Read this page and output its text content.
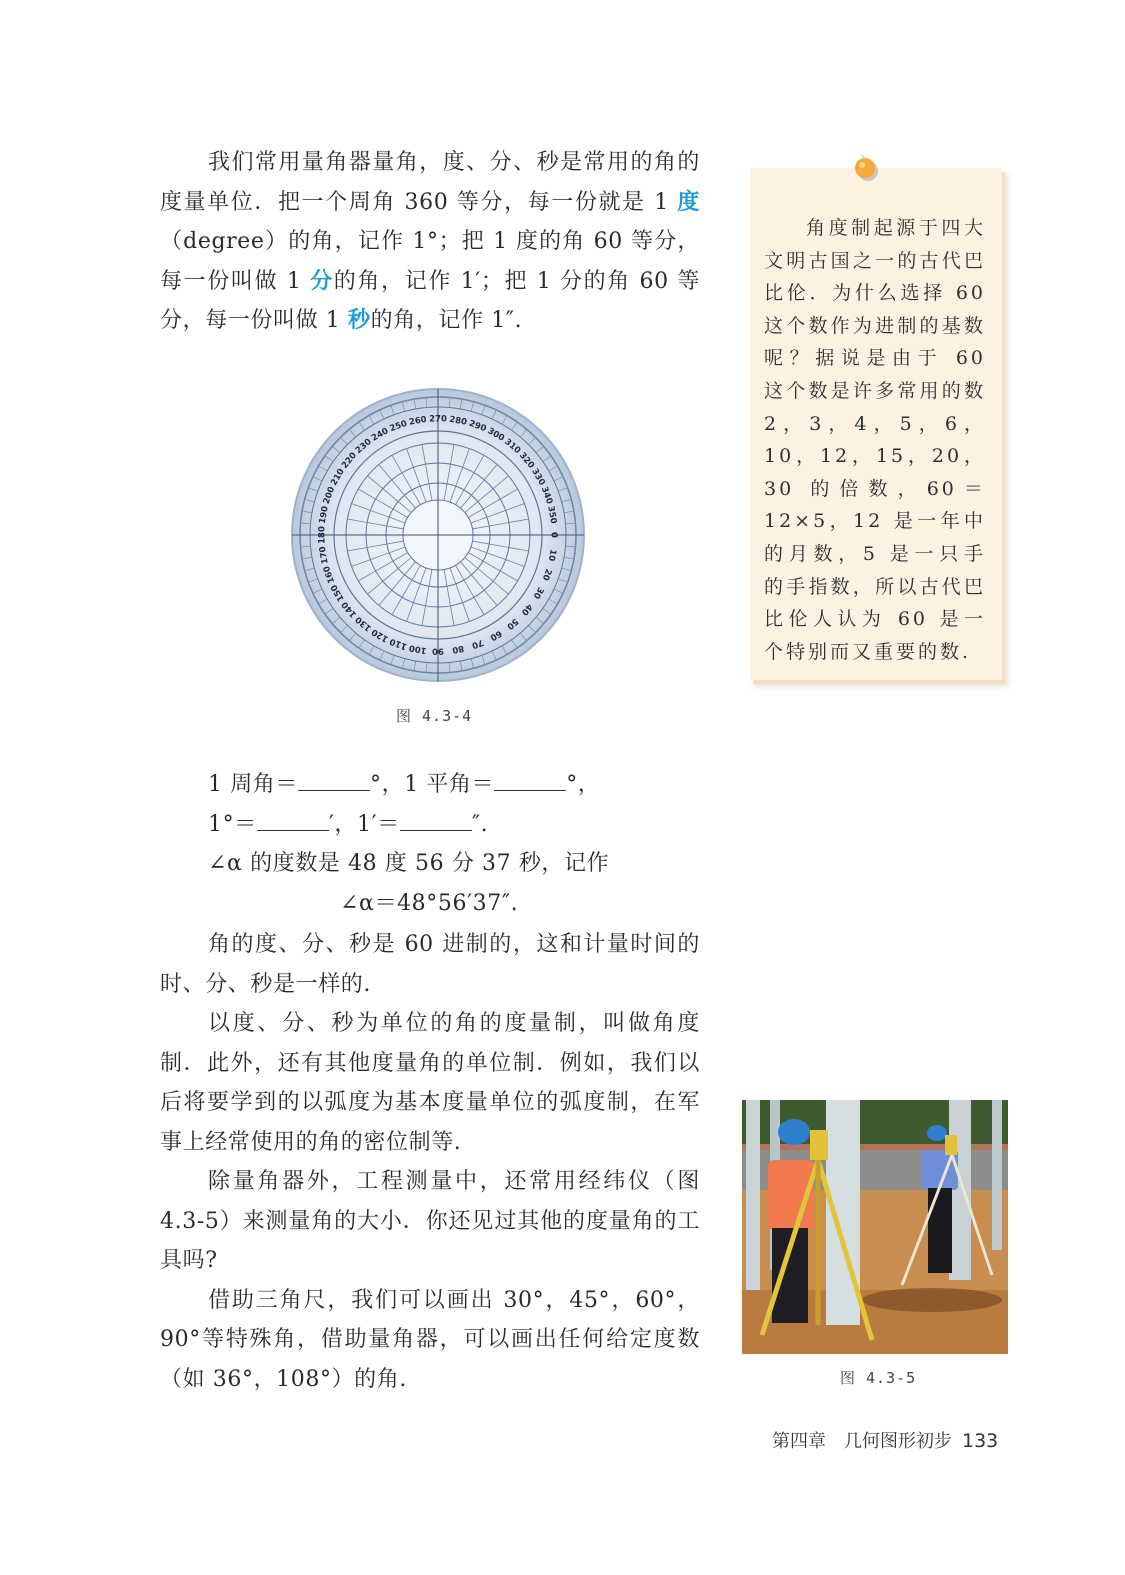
我们常用量角器量角，度、分、秒是常用的角的度量单位．把一个周角 360 等分，每一份就是 1 度（degree）的角，记作 1°；把 1 度的角 60 等分，每一份叫做 1 分的角，记作 1′；把 1 分的角 60 等分，每一份叫做 1 秒的角，记作 1″.

180
190
200
210
220
230
240
250 260 270 280 290
300
310
320
330
340
350
0
10
20
30
40
50
60
70
80
90
100
110
120
130
140
150
160
170
图 4.3-4
1 周角＝	°，1 平角＝	°，
1°＝	′，1′＝	″.
∠α 的度数是 48 度 56 分 37 秒，记作
∠α＝48°56′37″.

角的度、分、秒是 60 进制的，这和计量时间的时、分、秒是一样的.

以度、分、秒为单位的角的度量制，叫做角度制．此外，还有其他度量角的单位制．例如，我们以后将要学到的以弧度为基本度量单位的弧度制，在军事上经常使用的角的密位制等.

除量角器外，工程测量中，还常用经纬仪（图 4.3-5）来测量角的大小．你还见过其他的度量角的工具吗?

借助三角尺，我们可以画出 30°，45°，60°，90°等特殊角，借助量角器，可以画出任何给定度数（如 36°，108°）的角.

角度制起源于四大文明古国之一的古代巴比伦．为什么选择 60 这个数作为进制的基数呢？据说是由于 60 这个数是许多常用的数 2，3，4，5，6，10，12，15，20，30 的倍数，60＝12×5，12 是一年中的月数，5 是一只手的手指数，所以古代巴比伦人认为 60 是一个特别而又重要的数.
图 4.3-5
第四章 几何图形初步 133
